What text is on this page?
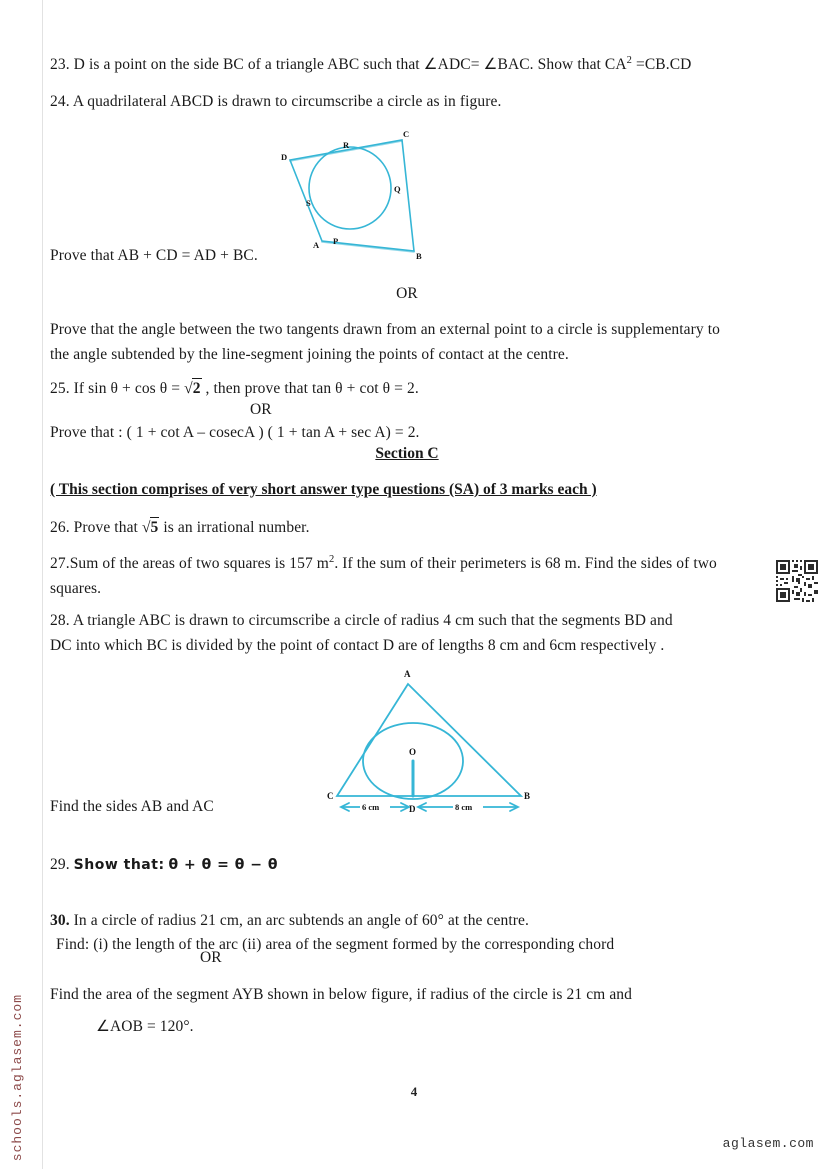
23. D is a point on the side BC of a triangle ABC such that ∠ADC= ∠BAC. Show that $CA^2 =CB.CD$

24. A quadrilateral ABCD is drawn to circumscribe a circle as in figure.

D
C
B
A
R
Q
P
S

Prove that AB + CD = AD + BC.

OR

Prove that the angle between the two tangents drawn from an external point to a circle is supplementary to

the angle subtended by the line-segment joining the points of contact at the centre.

25. If sin θ + cos θ = √2 , then prove that tan θ + cot θ = 2.

OR

Prove that : ( 1 + cot A – cosecA ) ( 1 + tan A + sec A) = 2.

Section C
( This section comprises of very short answer type questions (SA) of 3 marks each )

26. Prove that √5 is an irrational number.

27.Sum of the areas of two squares is 157 $m^2$. If the sum of their perimeters is 68 m. Find the sides of two

squares.

28. A triangle ABC is drawn to circumscribe a circle of radius 4 cm such that the segments BD and

DC into which BC is divided by the point of contact D are of lengths 8 cm and 6cm respectively .

A
C	B
O
D
6 cm	8 cm

Find the sides AB and AC

29. Show that: θ + θ = θ − θ

30. In a circle of radius 21 cm, an arc subtends an angle of 60° at the centre.

Find: (i) the length of the arc (ii) area of the segment formed by the corresponding chord

OR

Find the area of the segment AYB shown in below figure, if radius of the circle is 21 cm and

∠AOB = 120°.

4
schools.aglasem.com	aglasem.com
